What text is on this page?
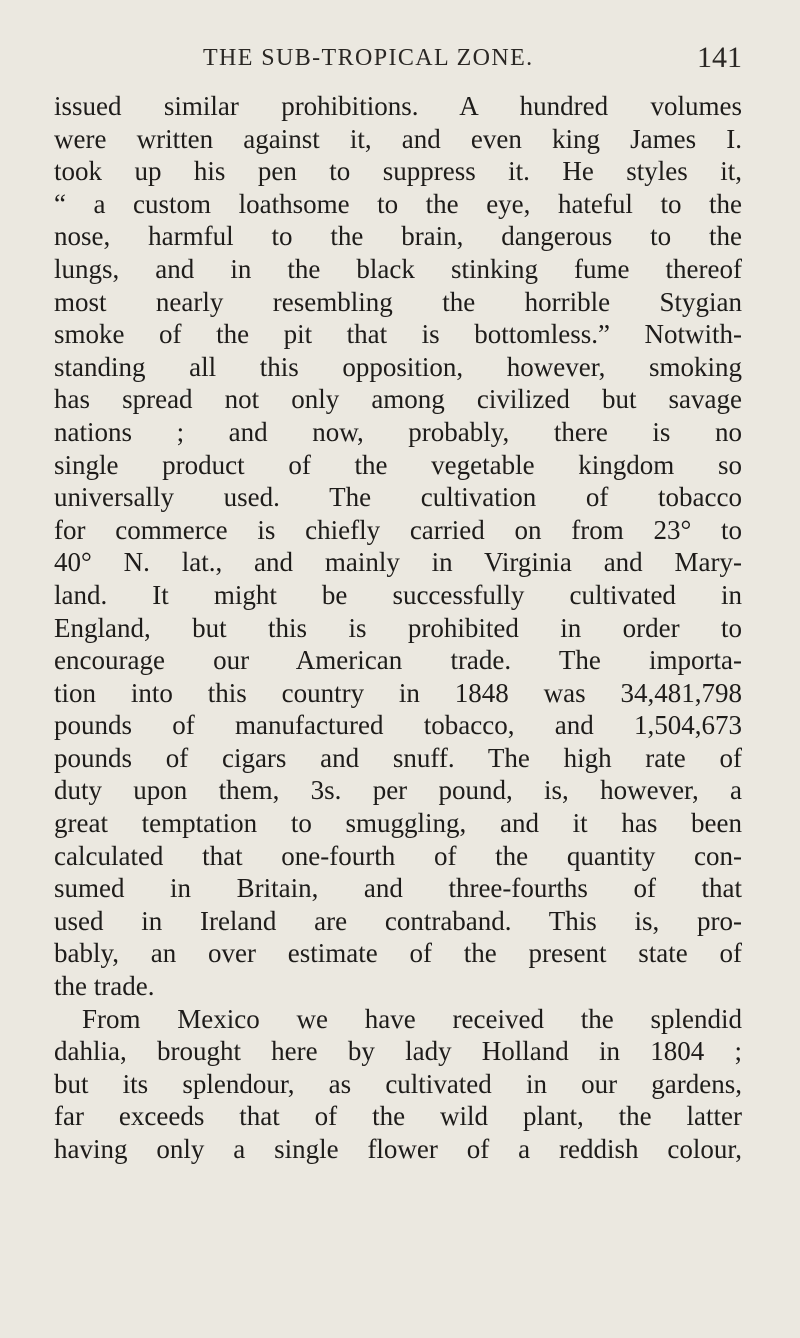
THE SUB-TROPICAL ZONE.	141
issued similar prohibitions. A hundred volumes
were written against it, and even king James I.
took up his pen to suppress it. He styles it,
“ a custom loathsome to the eye, hateful to the
nose, harmful to the brain, dangerous to the
lungs, and in the black stinking fume thereof
most nearly resembling the horrible Stygian
smoke of the pit that is bottomless.” Notwith-
standing all this opposition, however, smoking
has spread not only among civilized but savage
nations ; and now, probably, there is no
single product of the vegetable kingdom so
universally used. The cultivation of tobacco
for commerce is chiefly carried on from 23° to
40° N. lat., and mainly in Virginia and Mary-
land. It might be successfully cultivated in
England, but this is prohibited in order to
encourage our American trade. The importa-
tion into this country in 1848 was 34,481,798
pounds of manufactured tobacco, and 1,504,673
pounds of cigars and snuff. The high rate of
duty upon them, 3s. per pound, is, however, a
great temptation to smuggling, and it has been
calculated that one-fourth of the quantity con-
sumed in Britain, and three-fourths of that
used in Ireland are contraband. This is, pro-
bably, an over estimate of the present state of
the trade.
From Mexico we have received the splendid
dahlia, brought here by lady Holland in 1804 ;
but its splendour, as cultivated in our gardens,
far exceeds that of the wild plant, the latter
having only a single flower of a reddish colour,
